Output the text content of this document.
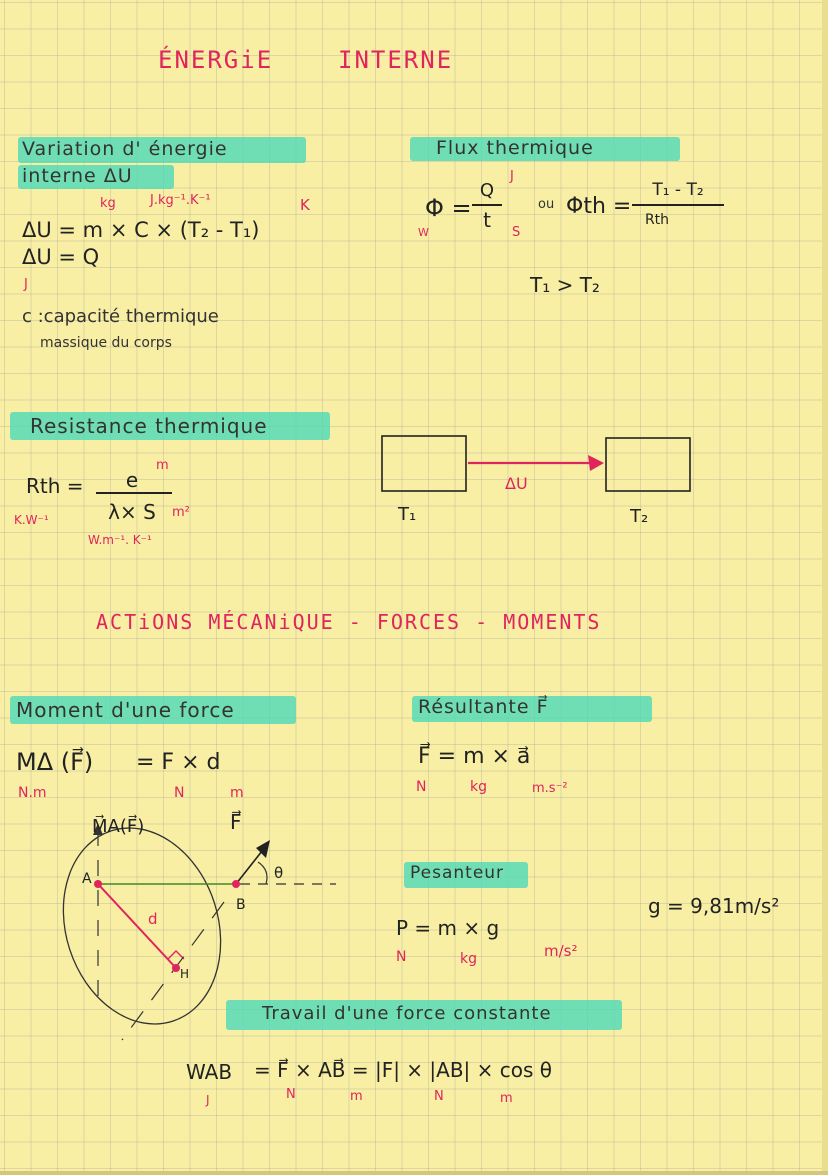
ÉNERGiE	INTERNE
Variation d' énergie
interne ΔU
kg	J.kg⁻¹.K⁻¹	K
ΔU = m × C × (T₂ - T₁)
ΔU = Q
J
c :capacité thermique
massique du corps
Flux thermique
Φ =
J
Q
t
S
W
ou Φth =
T₁ - T₂
Rth
T₁ > T₂
Resistance thermique
Rth =
m
e
λ× S	m²
K.W⁻¹
W.m⁻¹. K⁻¹
ΔU
T₁	T₂
ACTiONS MÉCANiQUE - FORCES - MOMENTS
Moment d'une force
MΔ (F⃗) = F × d
N.m	N	m
M⃗A(F⃗)	F⃗
A
B
d
H
θ
Résultante F⃗
F⃗ = m × a⃗
N	kg	m.s⁻²
Pesanteur
P = m × g
N	kg	m/s²
g = 9,81m/s²
Travail d'une force constante
WAB = F⃗ × AB⃗ = |F| × |AB| × cos θ
J	N	m	N	m
